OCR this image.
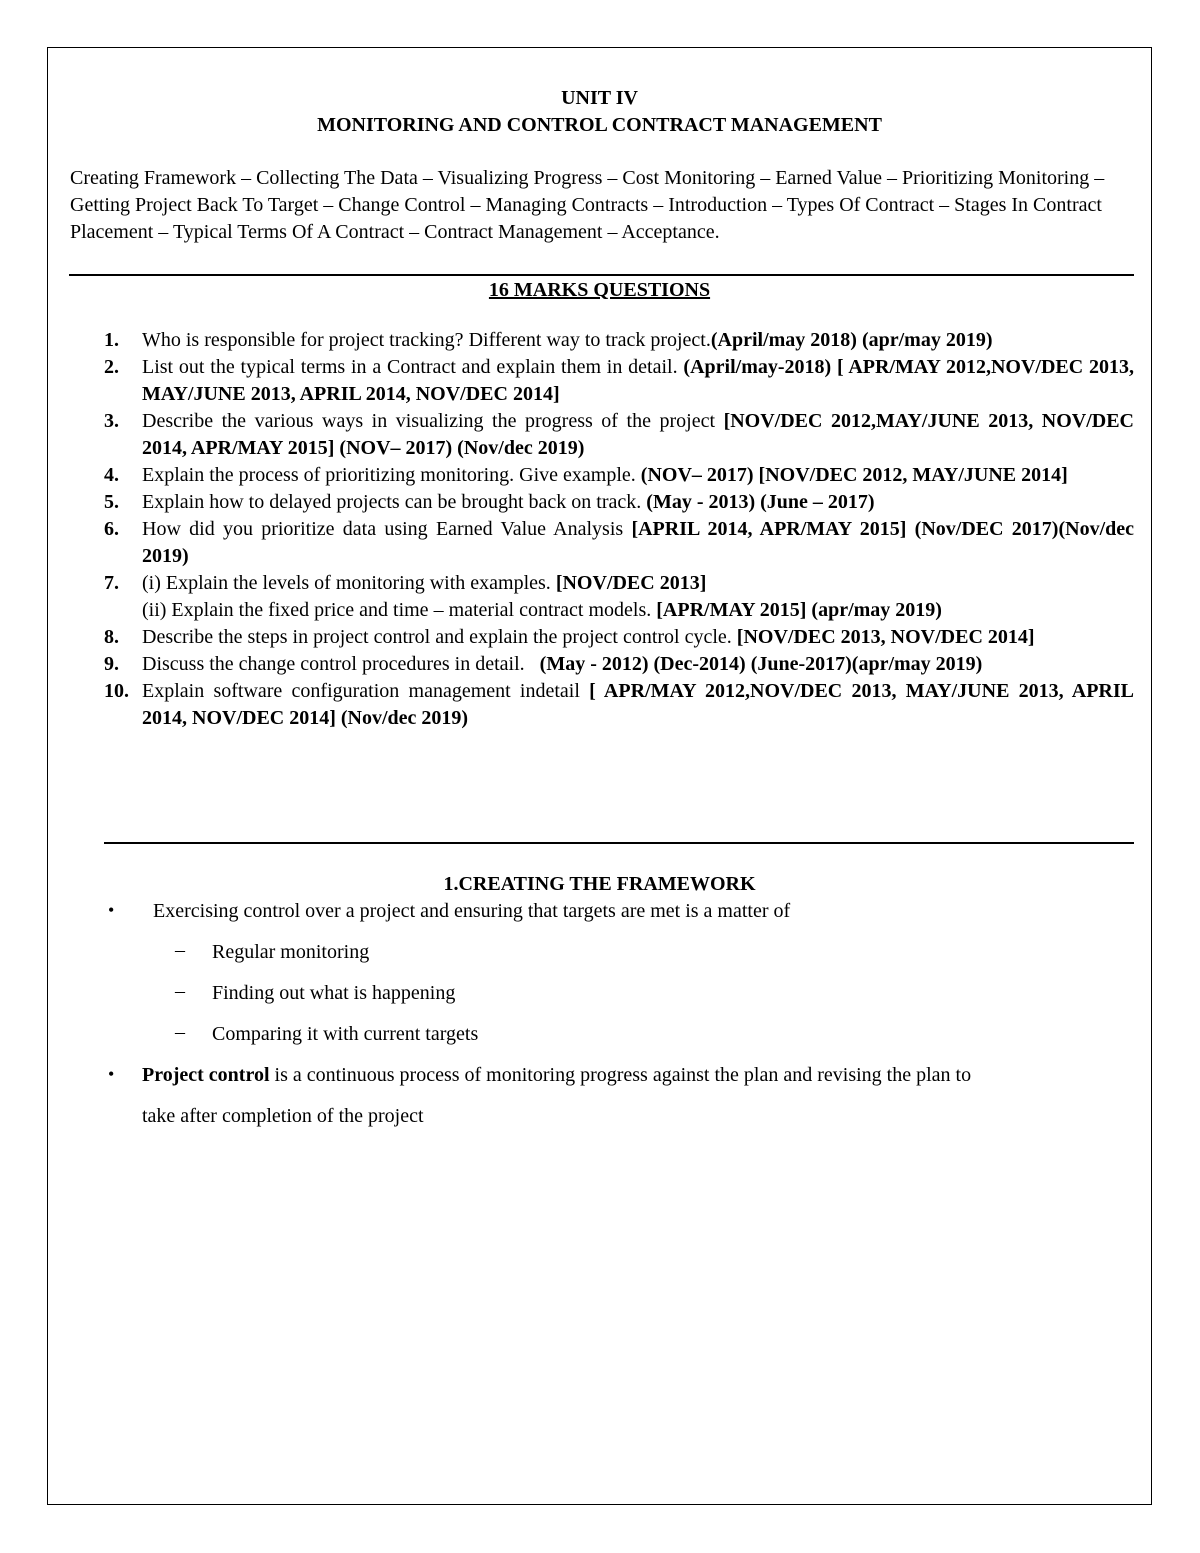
UNIT IV
MONITORING AND CONTROL CONTRACT MANAGEMENT
Creating Framework – Collecting The Data – Visualizing Progress – Cost Monitoring – Earned Value – Prioritizing Monitoring – Getting Project Back To Target – Change Control – Managing Contracts – Introduction – Types Of Contract – Stages In Contract Placement – Typical Terms Of A Contract – Contract Management – Acceptance.
16 MARKS QUESTIONS
1. Who is responsible for project tracking? Different way to track project.(April/may 2018) (apr/may 2019)
2. List out the typical terms in a Contract and explain them in detail. (April/may-2018) [ APR/MAY 2012,NOV/DEC 2013, MAY/JUNE 2013, APRIL 2014, NOV/DEC 2014]
3. Describe the various ways in visualizing the progress of the project [NOV/DEC 2012,MAY/JUNE 2013, NOV/DEC 2014, APR/MAY 2015] (NOV– 2017) (Nov/dec 2019)
4. Explain the process of prioritizing monitoring. Give example. (NOV– 2017) [NOV/DEC 2012, MAY/JUNE 2014]
5. Explain how to delayed projects can be brought back on track. (May - 2013) (June – 2017)
6. How did you prioritize data using Earned Value Analysis [APRIL 2014, APR/MAY 2015] (Nov/DEC 2017)(Nov/dec 2019)
7. (i) Explain the levels of monitoring with examples. [NOV/DEC 2013]
(ii) Explain the fixed price and time – material contract models. [APR/MAY 2015] (apr/may 2019)
8. Describe the steps in project control and explain the project control cycle. [NOV/DEC 2013, NOV/DEC 2014]
9. Discuss the change control procedures in detail. (May - 2012) (Dec-2014) (June-2017)(apr/may 2019)
10. Explain software configuration management indetail [ APR/MAY 2012,NOV/DEC 2013, MAY/JUNE 2013, APRIL 2014, NOV/DEC 2014] (Nov/dec 2019)
1.CREATING THE FRAMEWORK
• Exercising control over a project and ensuring that targets are met is a matter of
– Regular monitoring
– Finding out what is happening
– Comparing it with current targets
• Project control is a continuous process of monitoring progress against the plan and revising the plan to
take after completion of the project
